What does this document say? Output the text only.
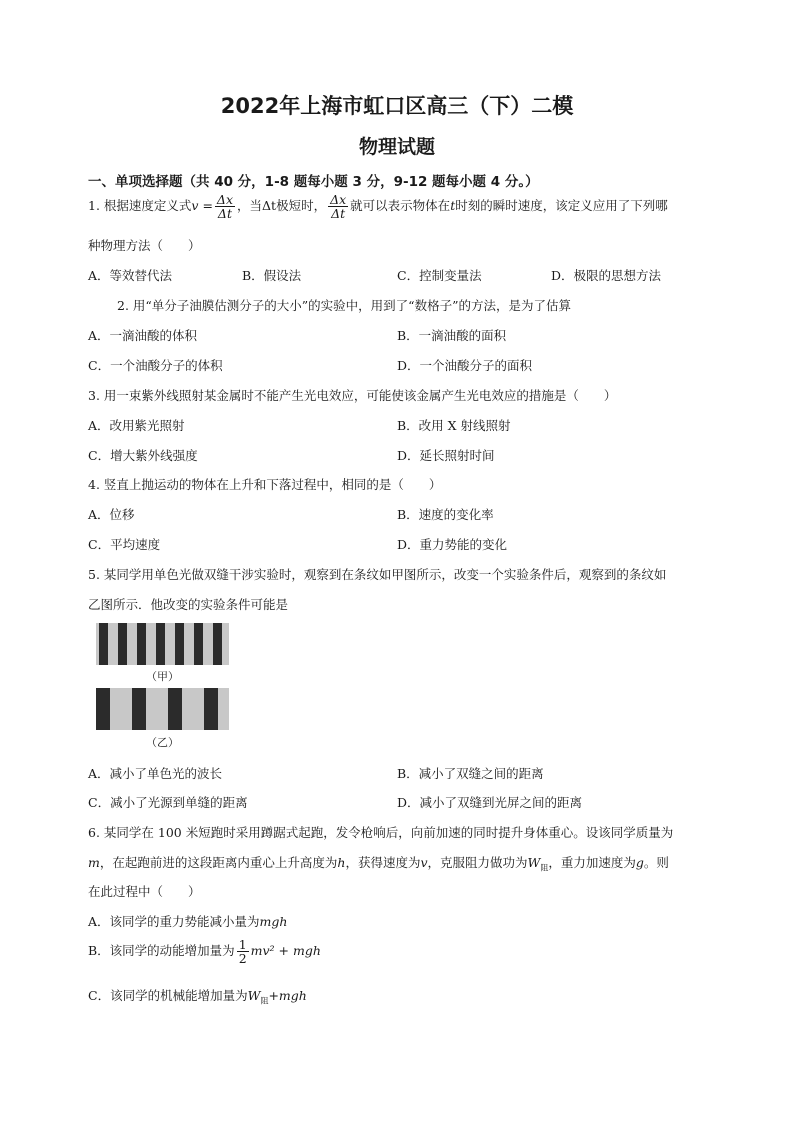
2022年上海市虹口区高三（下）二模
物理试题
一、单项选择题（共 40 分，1-8 题每小题 3 分，9-12 题每小题 4 分。）
1. 根据速度定义式$v = \frac{\Delta x}{\Delta t}$ ，当Δt极短时， $\frac{\Delta x}{\Delta t}$ 就可以表示物体在t时刻的瞬时速度，该定义应用了下列哪
种物理方法（　　）
A．等效替代法	B．假设法	C．控制变量法	D．极限的思想方法
2. 用“单分子油膜估测分子的大小”的实验中，用到了“数格子”的方法，是为了估算
A．一滴油酸的体积	B．一滴油酸的面积
C．一个油酸分子的体积	D．一个油酸分子的面积
3. 用一束紫外线照射某金属时不能产生光电效应，可能使该金属产生光电效应的措施是（　　）
A．改用紫光照射	B．改用 X 射线照射
C．增大紫外线强度	D．延长照射时间
4. 竖直上抛运动的物体在上升和下落过程中，相同的是（　　）
A．位移	B．速度的变化率
C．平均速度	D．重力势能的变化
5. 某同学用单色光做双缝干涉实验时，观察到在条纹如甲图所示，改变一个实验条件后，观察到的条纹如
乙图所示．他改变的实验条件可能是
（甲）
（乙）
A．减小了单色光的波长	B．减小了双缝之间的距离
C．减小了光源到单缝的距离	D．减小了双缝到光屏之间的距离
6. 某同学在 100 米短跑时采用蹲踞式起跑，发令枪响后，向前加速的同时提升身体重心。设该同学质量为
m，在起跑前进的这段距离内重心上升高度为h，获得速度为v，克服阻力做功为$W_阻$，重力加速度为g。则
在此过程中（　　）
A．该同学的重力势能减小量为mgh
B．该同学的动能增加量为 $\frac{1}{2} mv^2$ + mgh
C．该同学的机械能增加量为$W_阻+mgh$
